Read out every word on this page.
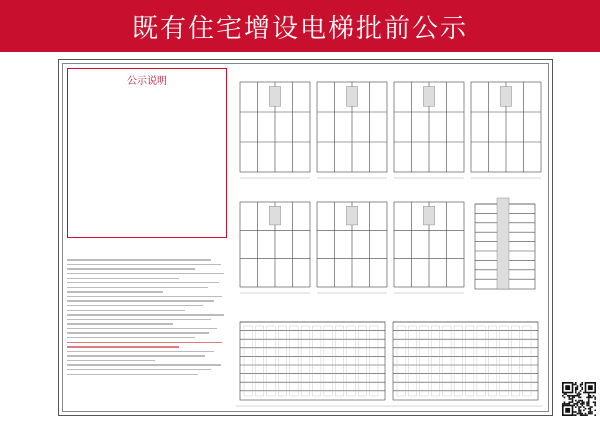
既有住宅增设电梯批前公示
公示说明
